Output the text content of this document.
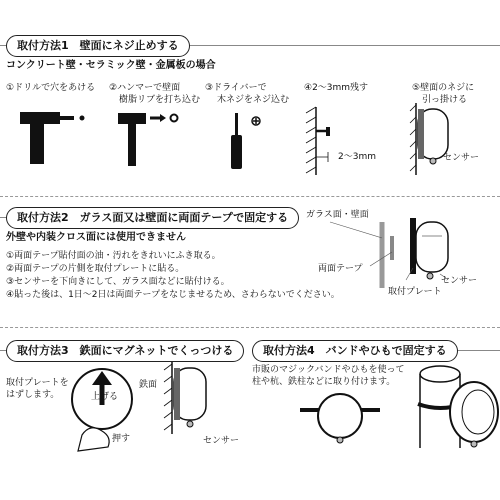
取付方法1　壁面にネジ止めする
コンクリート壁・セラミック壁・金属板の場合
①ドリルで穴をあける ②ハンマーで壁面
樹脂リブを打ち込む
③ドライバーで
木ネジをネジ込む
④2～3mm残す	⑤壁面のネジに
引っ掛ける
2～3mm	センサー
取付方法2　ガラス面又は壁面に両面テープで固定する
外壁や内装クロス面には使用できません
①両面テープ貼付面の油・汚れをきれいにふき取る。
②両面テープの片側を取付プレートに貼る。
③センサーを下向きにして、ガラス面などに貼付ける。
④貼った後は、1日～2日は両面テープをなじませるため、さわらないでください。
ガラス面・壁面
両面テープ
センサー
取付プレート
取付方法3　鉄面にマグネットでくっつける
取付プレートを
はずします。	上げる
押す
鉄面
センサー
取付方法4　バンドやひもで固定する
市販のマジックバンドやひもを使って
柱や杭、鉄柱などに取り付けます。
